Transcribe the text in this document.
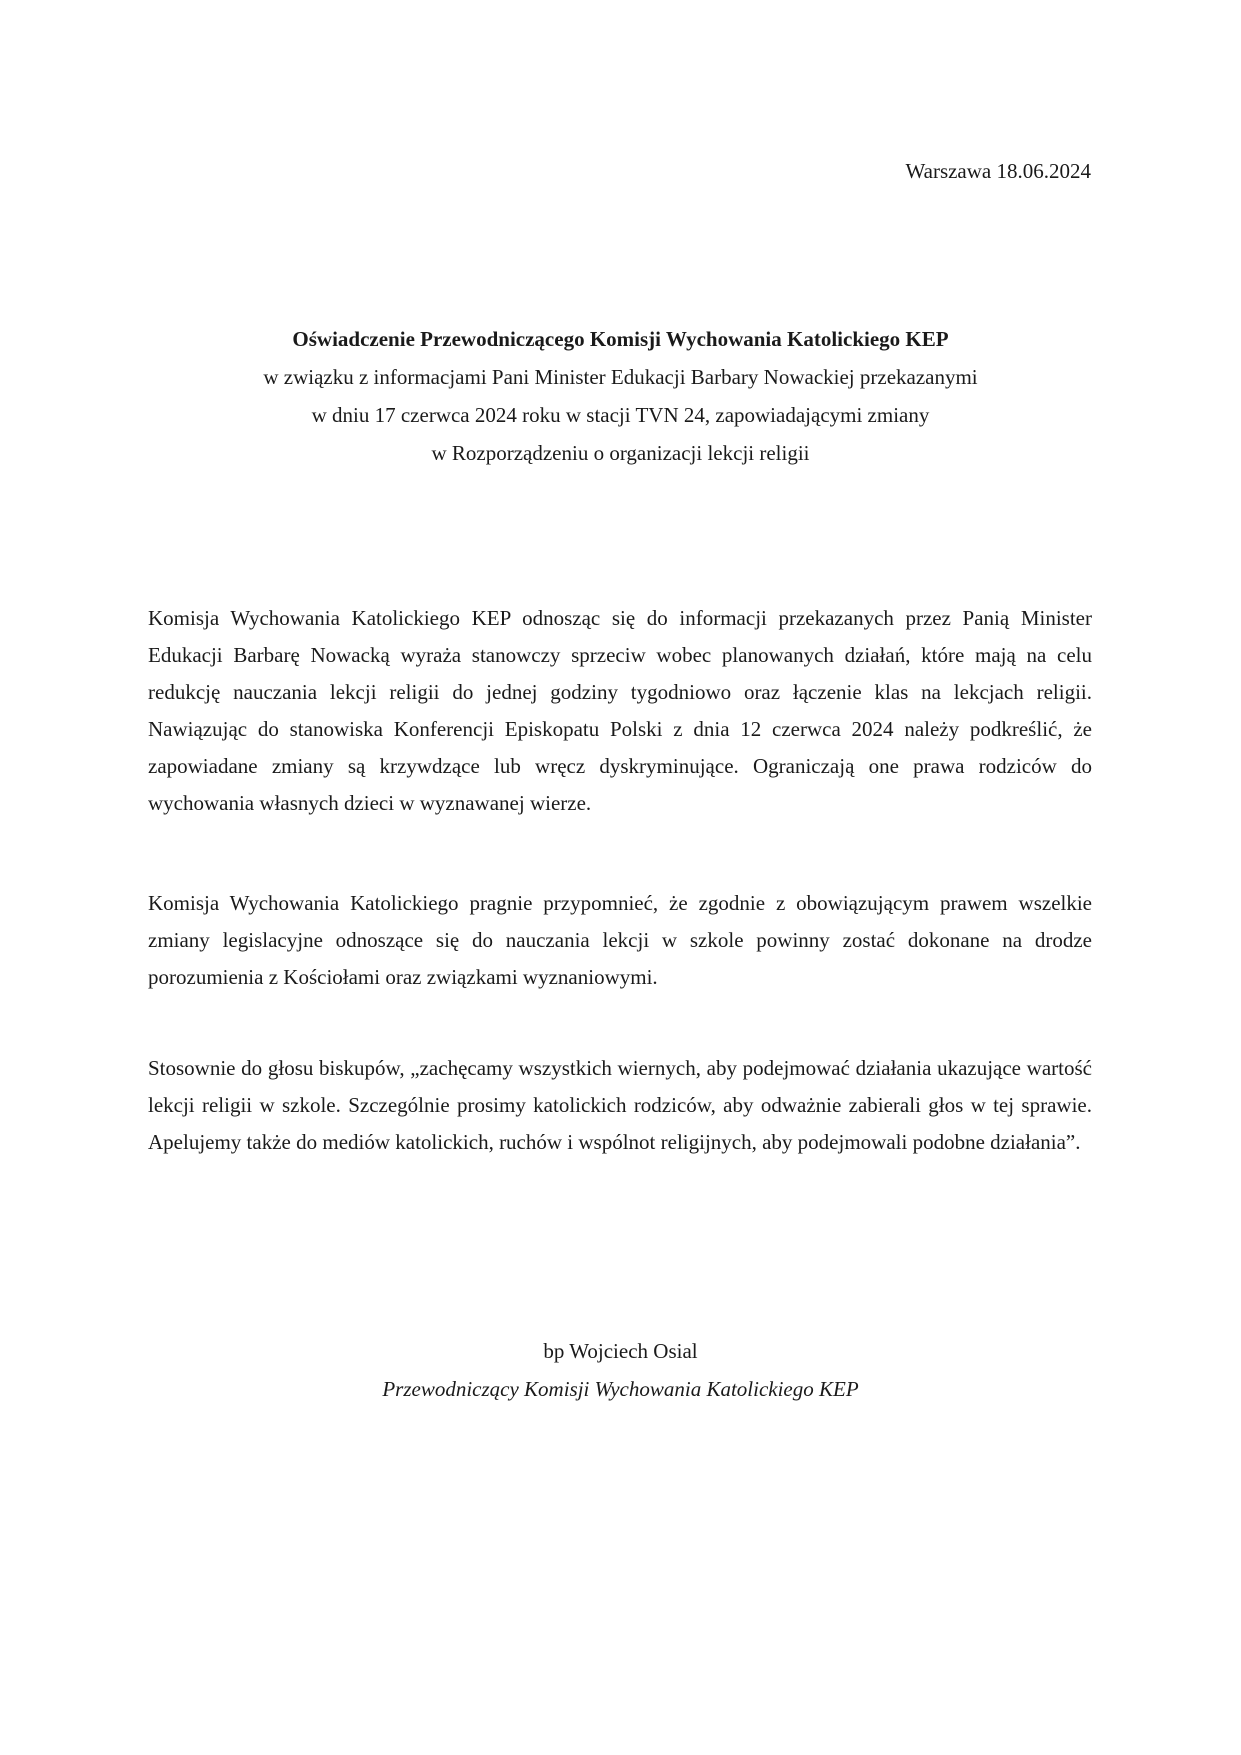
Warszawa 18.06.2024
Oświadczenie Przewodniczącego Komisji Wychowania Katolickiego KEP
w związku z informacjami Pani Minister Edukacji Barbary Nowackiej przekazanymi
w dniu 17 czerwca 2024 roku w stacji TVN 24, zapowiadającymi zmiany
w Rozporządzeniu o organizacji lekcji religii
Komisja Wychowania Katolickiego KEP odnosząc się do informacji przekazanych przez Panią Minister Edukacji Barbarę Nowacką wyraża stanowczy sprzeciw wobec planowanych działań, które mają na celu redukcję nauczania lekcji religii do jednej godziny tygodniowo oraz łączenie klas na lekcjach religii. Nawiązując do stanowiska Konferencji Episkopatu Polski z dnia 12 czerwca 2024 należy podkreślić, że zapowiadane zmiany są krzywdzące lub wręcz dyskryminujące. Ograniczają one prawa rodziców do wychowania własnych dzieci w wyznawanej wierze.
Komisja Wychowania Katolickiego pragnie przypomnieć, że zgodnie z obowiązującym prawem wszelkie zmiany legislacyjne odnoszące się do nauczania lekcji w szkole powinny zostać dokonane na drodze porozumienia z Kościołami oraz związkami wyznaniowymi.
Stosownie do głosu biskupów, „zachęcamy wszystkich wiernych, aby podejmować działania ukazujące wartość lekcji religii w szkole. Szczególnie prosimy katolickich rodziców, aby odważnie zabierali głos w tej sprawie. Apelujemy także do mediów katolickich, ruchów i wspólnot religijnych, aby podejmowali podobne działania”.
bp Wojciech Osial
Przewodniczący Komisji Wychowania Katolickiego KEP
